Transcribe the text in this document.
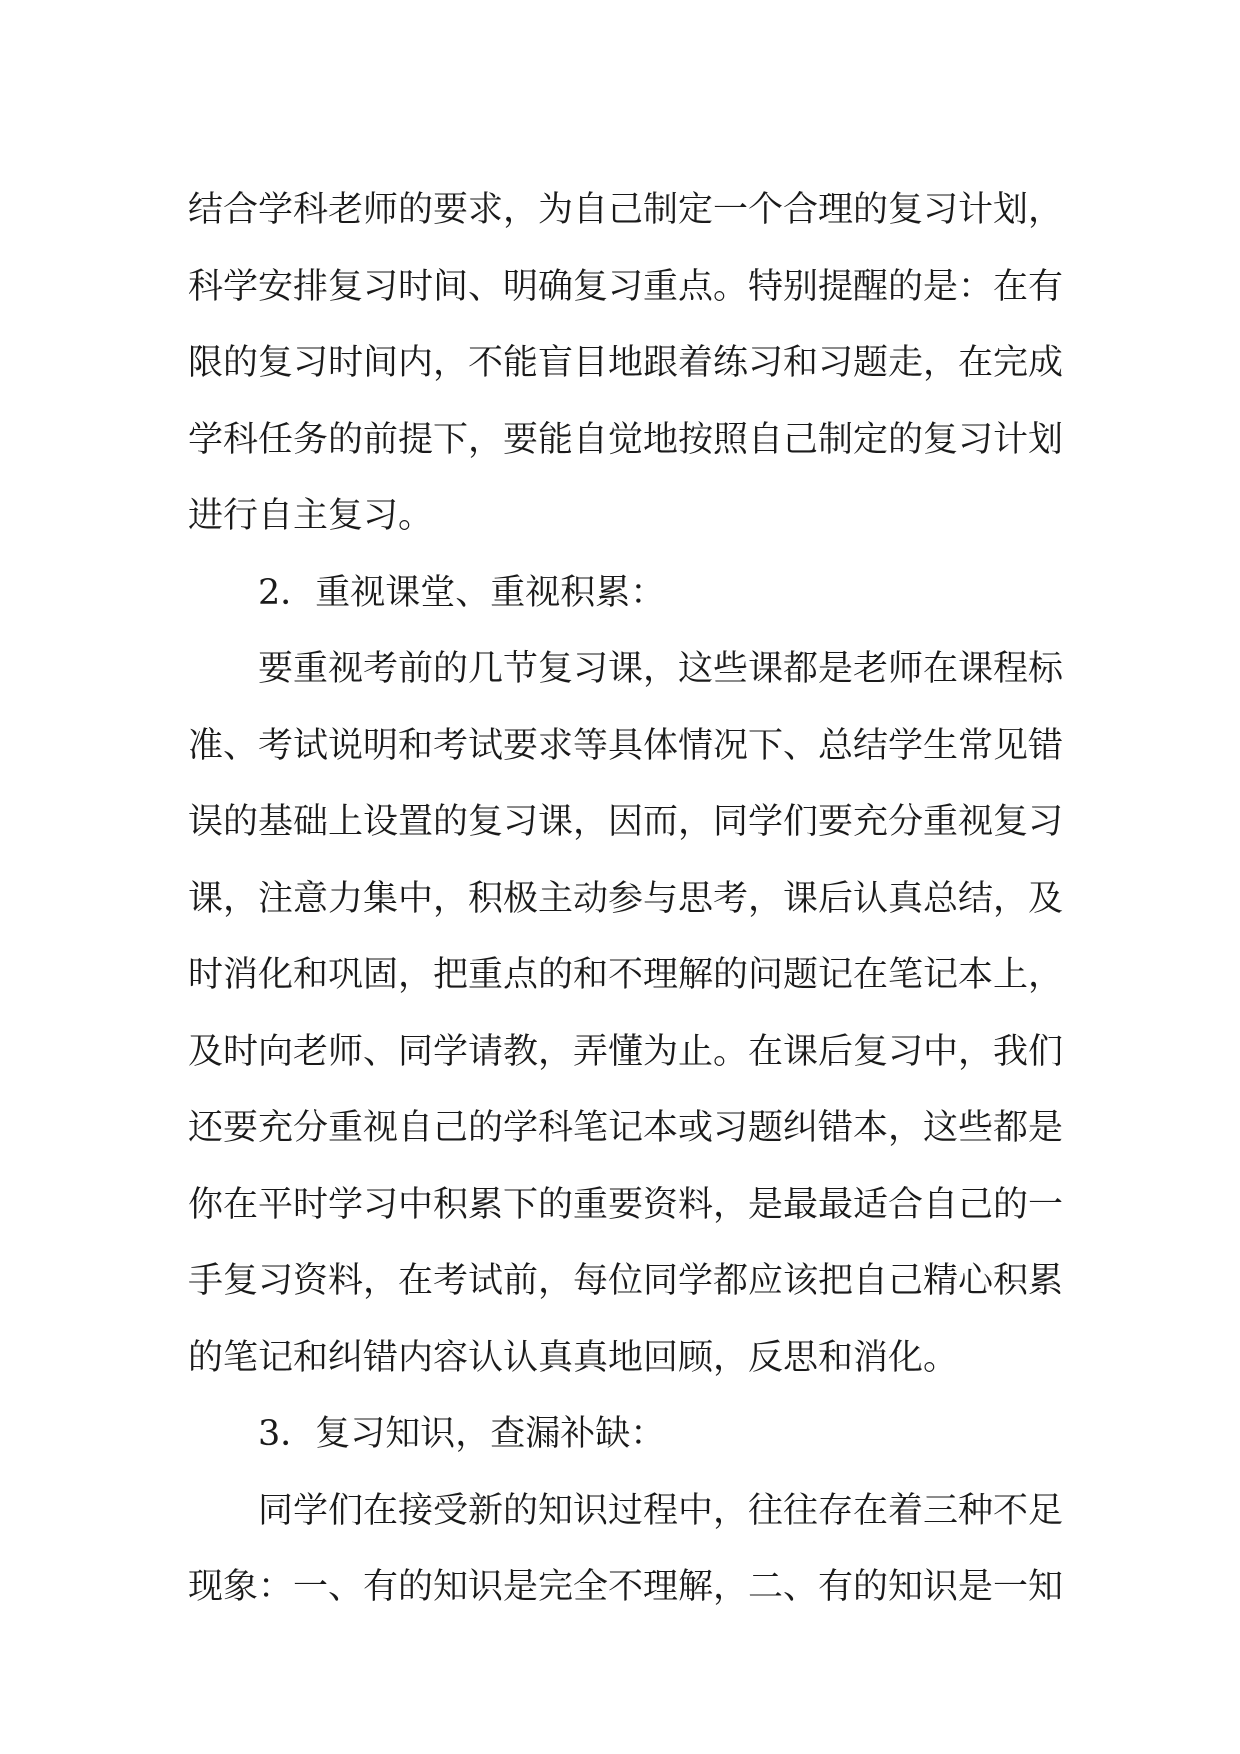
结合学科老师的要求，为自己制定一个合理的复习计划，
科学安排复习时间、明确复习重点。特别提醒的是：在有
限的复习时间内，不能盲目地跟着练习和习题走，在完成
学科任务的前提下，要能自觉地按照自己制定的复习计划
进行自主复习。
2．重视课堂、重视积累：
要重视考前的几节复习课，这些课都是老师在课程标
准、考试说明和考试要求等具体情况下、总结学生常见错
误的基础上设置的复习课，因而，同学们要充分重视复习
课，注意力集中，积极主动参与思考，课后认真总结，及
时消化和巩固，把重点的和不理解的问题记在笔记本上，
及时向老师、同学请教，弄懂为止。在课后复习中，我们
还要充分重视自己的学科笔记本或习题纠错本，这些都是
你在平时学习中积累下的重要资料，是最最适合自己的一
手复习资料，在考试前，每位同学都应该把自己精心积累
的笔记和纠错内容认认真真地回顾，反思和消化。
3．复习知识，查漏补缺：
同学们在接受新的知识过程中，往往存在着三种不足
现象：一、有的知识是完全不理解，二、有的知识是一知
